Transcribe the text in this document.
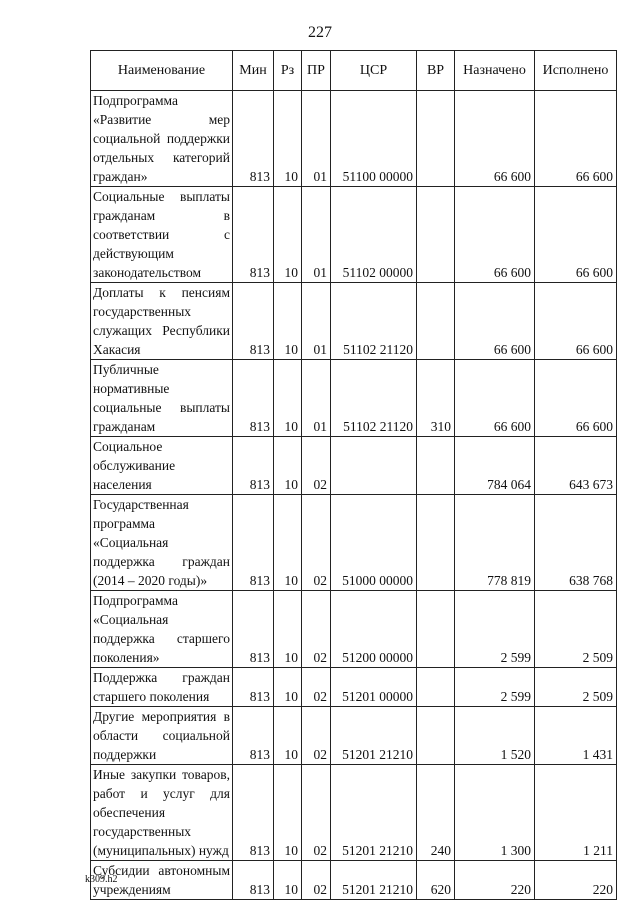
227
Наименование	Мин	Рз	ПР	ЦСР	ВР	Назначено	Исполнено
Подпрограмма «Развитие мер социальной поддержки отдельных категорий граждан»	813	10	01	51100 00000		66 600	66 600
Социальные выплаты гражданам в соответствии с действующим законодательством	813	10	01	51102 00000		66 600	66 600
Доплаты к пенсиям государственных служащих Республики Хакасия	813	10	01	51102 21120		66 600	66 600
Публичные нормативные социальные выплаты гражданам	813	10	01	51102 21120	310	66 600	66 600
Социальное обслуживание населения	813	10	02			784 064	643 673
Государственная программа «Социальная поддержка граждан (2014 – 2020 годы)»	813	10	02	51000 00000		778 819	638 768
Подпрограмма «Социальная поддержка старшего поколения»	813	10	02	51200 00000		2 599	2 509
Поддержка граждан старшего поколения	813	10	02	51201 00000		2 599	2 509
Другие мероприятия в области социальной поддержки	813	10	02	51201 21210		1 520	1 431
Иные закупки товаров, работ и услуг для обеспечения государственных (муниципальных) нужд	813	10	02	51201 21210	240	1 300	1 211
Субсидии автономным учреждениям	813	10	02	51201 21210	620	220	220
k309.h2
